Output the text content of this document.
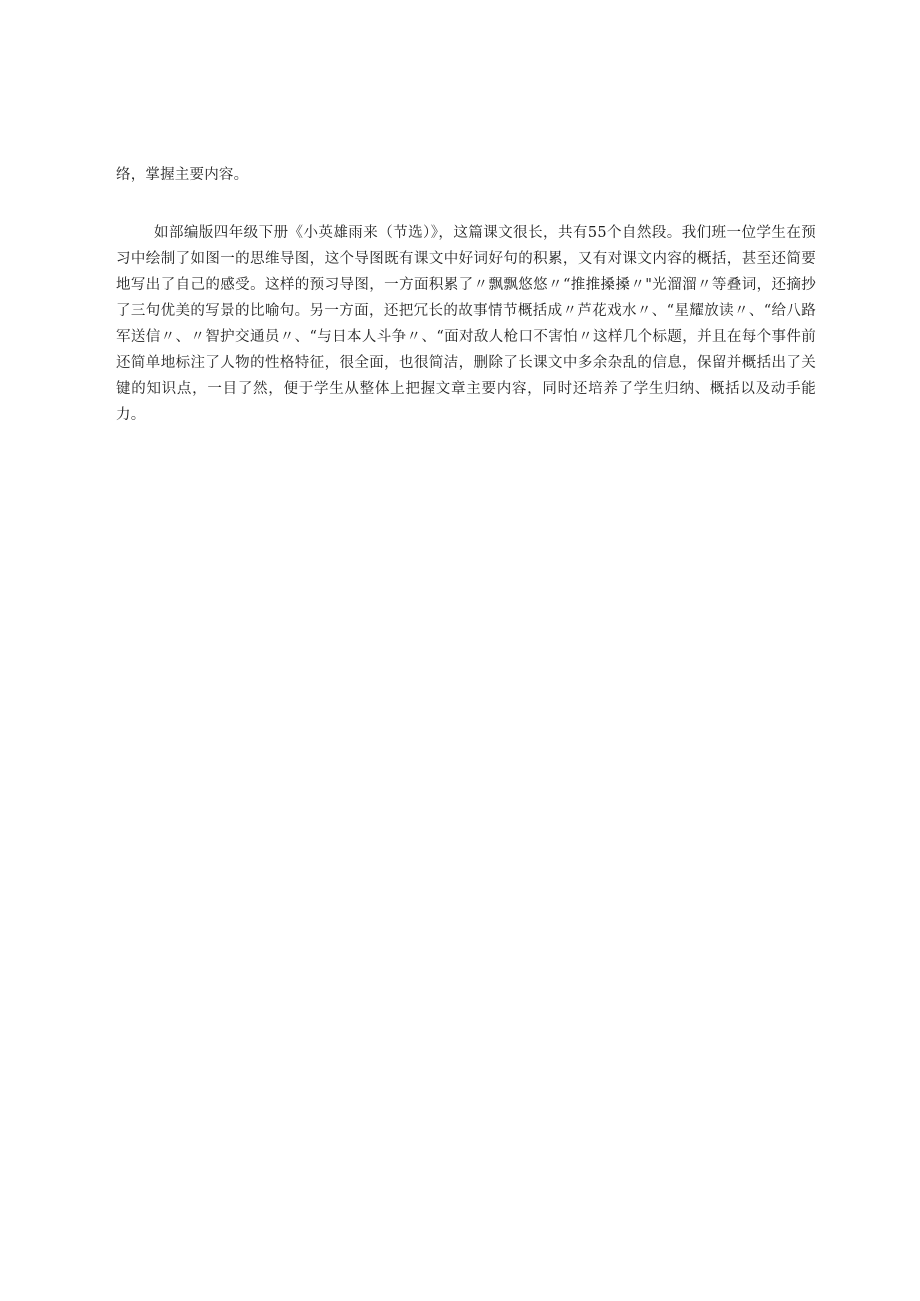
络，掌握主要内容。

如部编版四年级下册《小英雄雨来（节选）》，这篇课文很长，共有55个自然段。我们班一位学生在预习中绘制了如图一的思维导图，这个导图既有课文中好词好句的积累，又有对课文内容的概括，甚至还简要地写出了自己的感受。这样的预习导图，一方面积累了〃飘飘悠悠〃“推推搡搡〃"光溜溜〃等叠词，还摘抄了三句优美的写景的比喻句。另一方面，还把冗长的故事情节概括成〃芦花戏水〃、“星耀放读〃、“给八路军送信〃、〃智护交通员〃、“与日本人斗争〃、“面对敌人枪口不害怕〃这样几个标题，并且在每个事件前还简单地标注了人物的性格特征，很全面，也很简洁，删除了长课文中多余杂乱的信息，保留并概括出了关键的知识点，一目了然，便于学生从整体上把握文章主要内容，同时还培养了学生归纳、概括以及动手能力。
